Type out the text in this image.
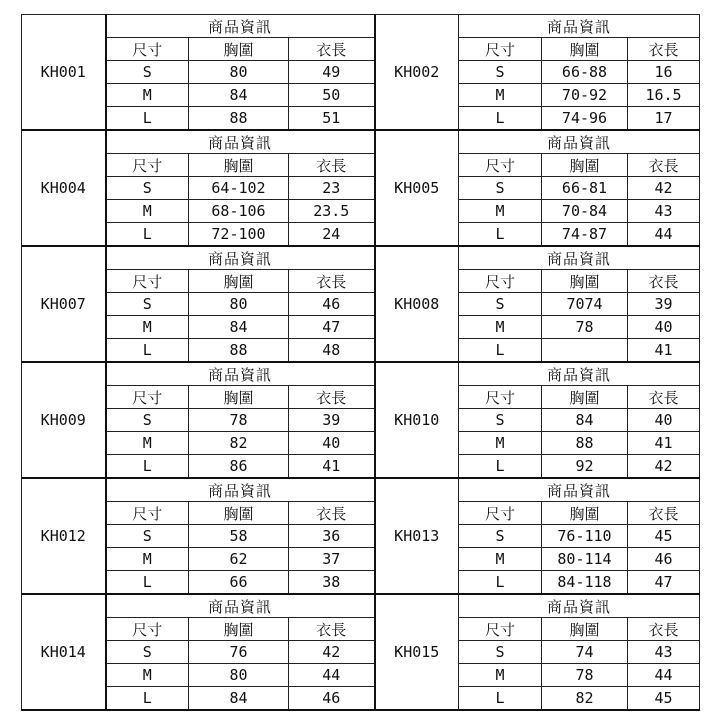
KH001	商品資訊			KH002	商品資訊		
	尺寸	胸圍	衣長		尺寸	胸圍	衣長
	S	80	49		S	66-88	16
	M	84	50		M	70-92	16.5
	L	88	51		L	74-96	17
KH004	商品資訊			KH005	商品資訊		
	尺寸	胸圍	衣長		尺寸	胸圍	衣長
	S	64-102	23		S	66-81	42
	M	68-106	23.5		M	70-84	43
	L	72-100	24		L	74-87	44
KH007	商品資訊			KH008	商品資訊		
	尺寸	胸圍	衣長		尺寸	胸圍	衣長
	S	80	46		S	7074	39
	M	84	47		M	78	40
	L	88	48		L		41
KH009	商品資訊			KH010	商品資訊		
	尺寸	胸圍	衣長		尺寸	胸圍	衣長
	S	78	39		S	84	40
	M	82	40		M	88	41
	L	86	41		L	92	42
KH012	商品資訊			KH013	商品資訊		
	尺寸	胸圍	衣長		尺寸	胸圍	衣長
	S	58	36		S	76-110	45
	M	62	37		M	80-114	46
	L	66	38		L	84-118	47
KH014	商品資訊			KH015	商品資訊		
	尺寸	胸圍	衣長		尺寸	胸圍	衣長
	S	76	42		S	74	43
	M	80	44		M	78	44
	L	84	46		L	82	45
